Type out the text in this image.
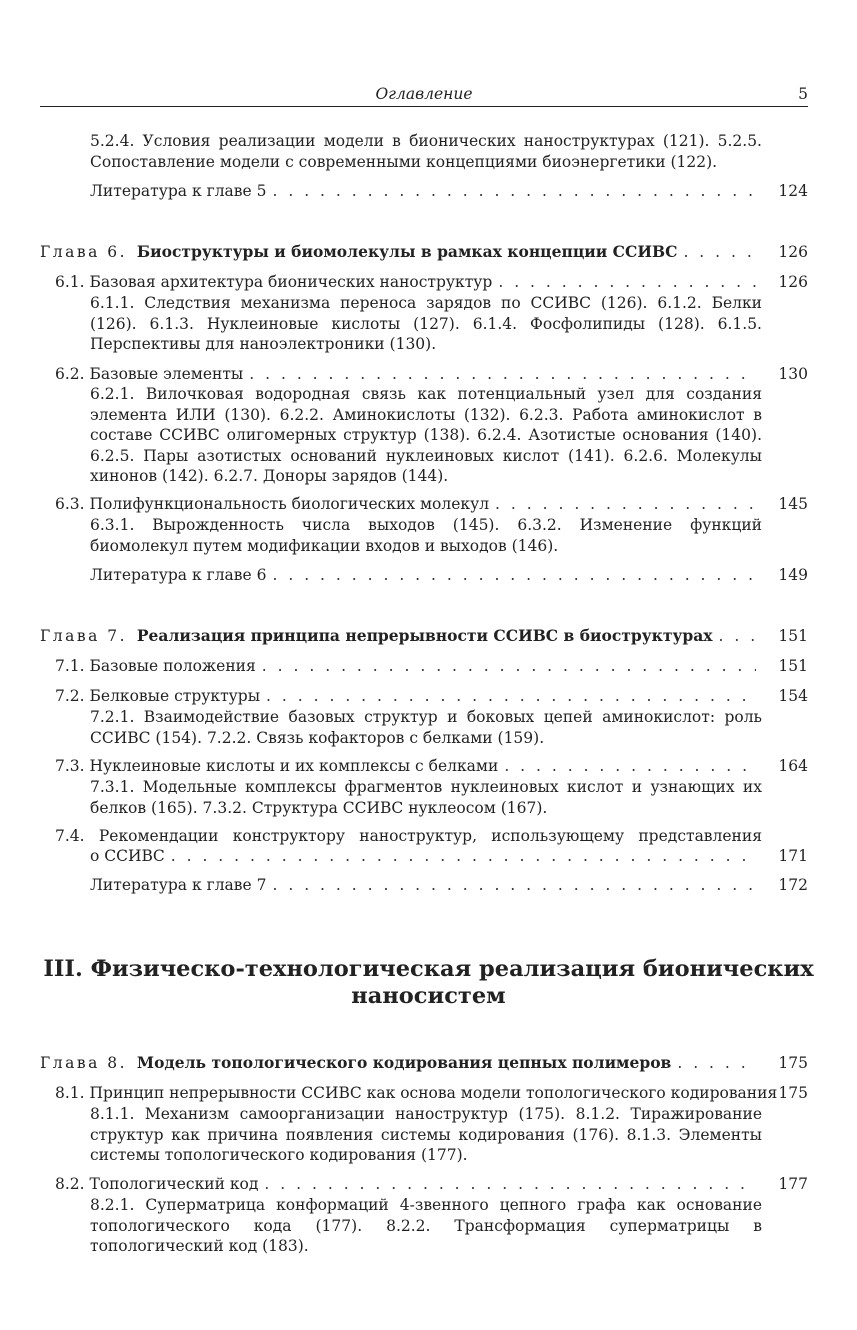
Оглавление	5
5.2.4. Условия реализации модели в бионических наноструктурах (121). 5.2.5. Сопоставление модели с современными концепциями биоэнергетики (122).
Литература к главе 5 . . .	124
Глава 6.
Биоструктуры и биомолекулы в рамках концепции ССИВС . . .	126
6.1. Базовая архитектура бионических наноструктур . . .	126
6.1.1. Следствия механизма переноса зарядов по ССИВС (126). 6.1.2. Белки (126). 6.1.3. Нуклеиновые кислоты (127). 6.1.4. Фосфолипиды (128). 6.1.5. Перспективы для наноэлектроники (130).
6.2. Базовые элементы . . .	130
6.2.1. Вилочковая водородная связь как потенциальный узел для создания элемента ИЛИ (130). 6.2.2. Аминокислоты (132). 6.2.3. Работа аминокислот в составе ССИВС олигомерных структур (138). 6.2.4. Азотистые основания (140). 6.2.5. Пары азотистых оснований нуклеиновых кислот (141). 6.2.6. Молекулы хинонов (142). 6.2.7. Доноры зарядов (144).
6.3. Полифункциональность биологических молекул . . .	145
6.3.1. Вырожденность числа выходов (145). 6.3.2. Изменение функций биомолекул путем модификации входов и выходов (146).
Литература к главе 6 . . .	149
Глава 7.
Реализация принципа непрерывности ССИВС в биоструктурах . . .	151
7.1. Базовые положения . . .	151
7.2. Белковые структуры . . .	154
7.2.1. Взаимодействие базовых структур и боковых цепей аминокислот: роль ССИВС (154). 7.2.2. Связь кофакторов с белками (159).
7.3. Нуклеиновые кислоты и их комплексы с белками . . .	164
7.3.1. Модельные комплексы фрагментов нуклеиновых кислот и узнающих их белков (165). 7.3.2. Структура ССИВС нуклеосом (167).
7.4. Рекомендации конструктору наноструктур, использующему представления
о ССИВС . . .	171
Литература к главе 7 . . .	172
III. Физическо-технологическая реализация бионических
наносистем
Глава 8.
Модель топологического кодирования цепных полимеров . . .	175
8.1. Принцип непрерывности ССИВС как основа модели топологического кодирования 175
8.1.1. Механизм самоорганизации наноструктур (175). 8.1.2. Тиражирование структур как причина появления системы кодирования (176). 8.1.3. Элементы системы топологического кодирования (177).
8.2. Топологический код . . .	177
8.2.1. Суперматрица конформаций 4-звенного цепного графа как основание топологического кода (177). 8.2.2. Трансформация суперматрицы в топологический код (183).
